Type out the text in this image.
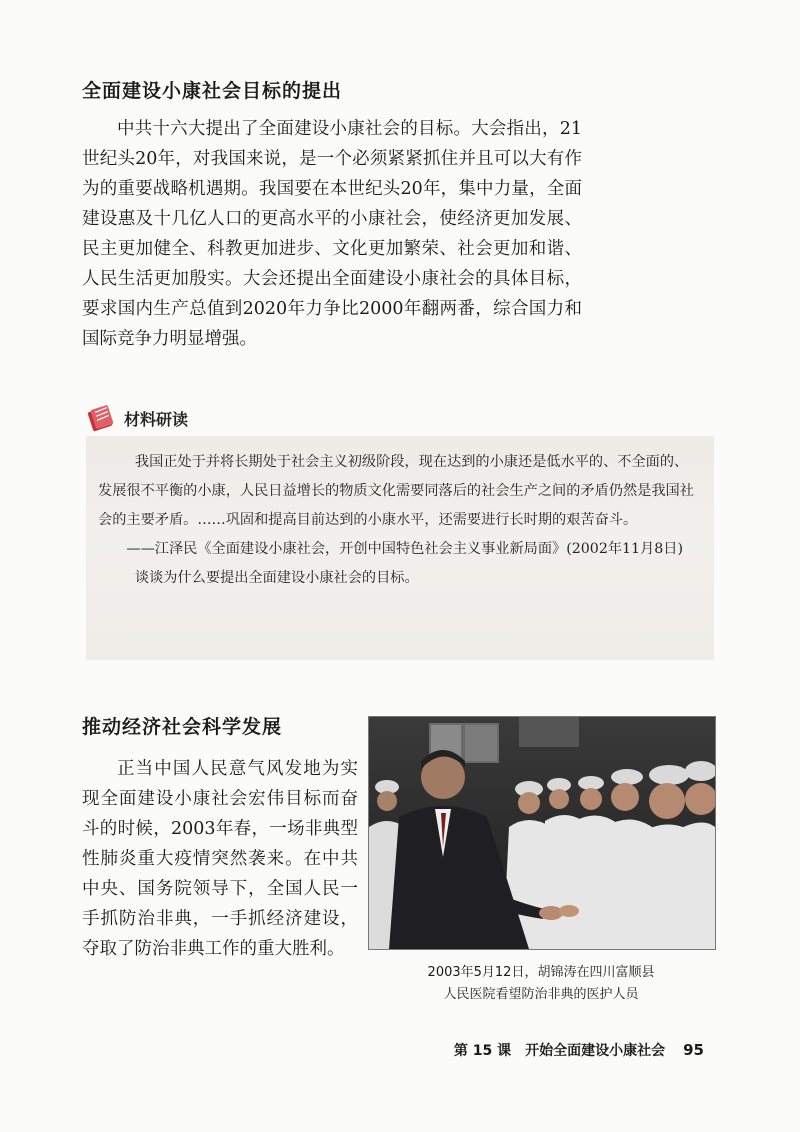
全面建设小康社会目标的提出

中共十六大提出了全面建设小康社会的目标。大会指出，21世纪头20年，对我国来说，是一个必须紧紧抓住并且可以大有作为的重要战略机遇期。我国要在本世纪头20年，集中力量，全面建设惠及十几亿人口的更高水平的小康社会，使经济更加发展、民主更加健全、科教更加进步、文化更加繁荣、社会更加和谐、人民生活更加殷实。大会还提出全面建设小康社会的具体目标，要求国内生产总值到2020年力争比2000年翻两番，综合国力和国际竞争力明显增强。

材料研读

我国正处于并将长期处于社会主义初级阶段，现在达到的小康还是低水平的、不全面的、发展很不平衡的小康，人民日益增长的物质文化需要同落后的社会生产之间的矛盾仍然是我国社会的主要矛盾。……巩固和提高目前达到的小康水平，还需要进行长时期的艰苦奋斗。

——江泽民《全面建设小康社会，开创中国特色社会主义事业新局面》(2002年11月8日)

谈谈为什么要提出全面建设小康社会的目标。

推动经济社会科学发展

正当中国人民意气风发地为实现全面建设小康社会宏伟目标而奋斗的时候，2003年春，一场非典型性肺炎重大疫情突然袭来。在中共中央、国务院领导下，全国人民一手抓防治非典，一手抓经济建设，夺取了防治非典工作的重大胜利。

2003年5月12日，胡锦涛在四川富顺县
人民医院看望防治非典的医护人员
第 15 课　开始全面建设小康社会 95
